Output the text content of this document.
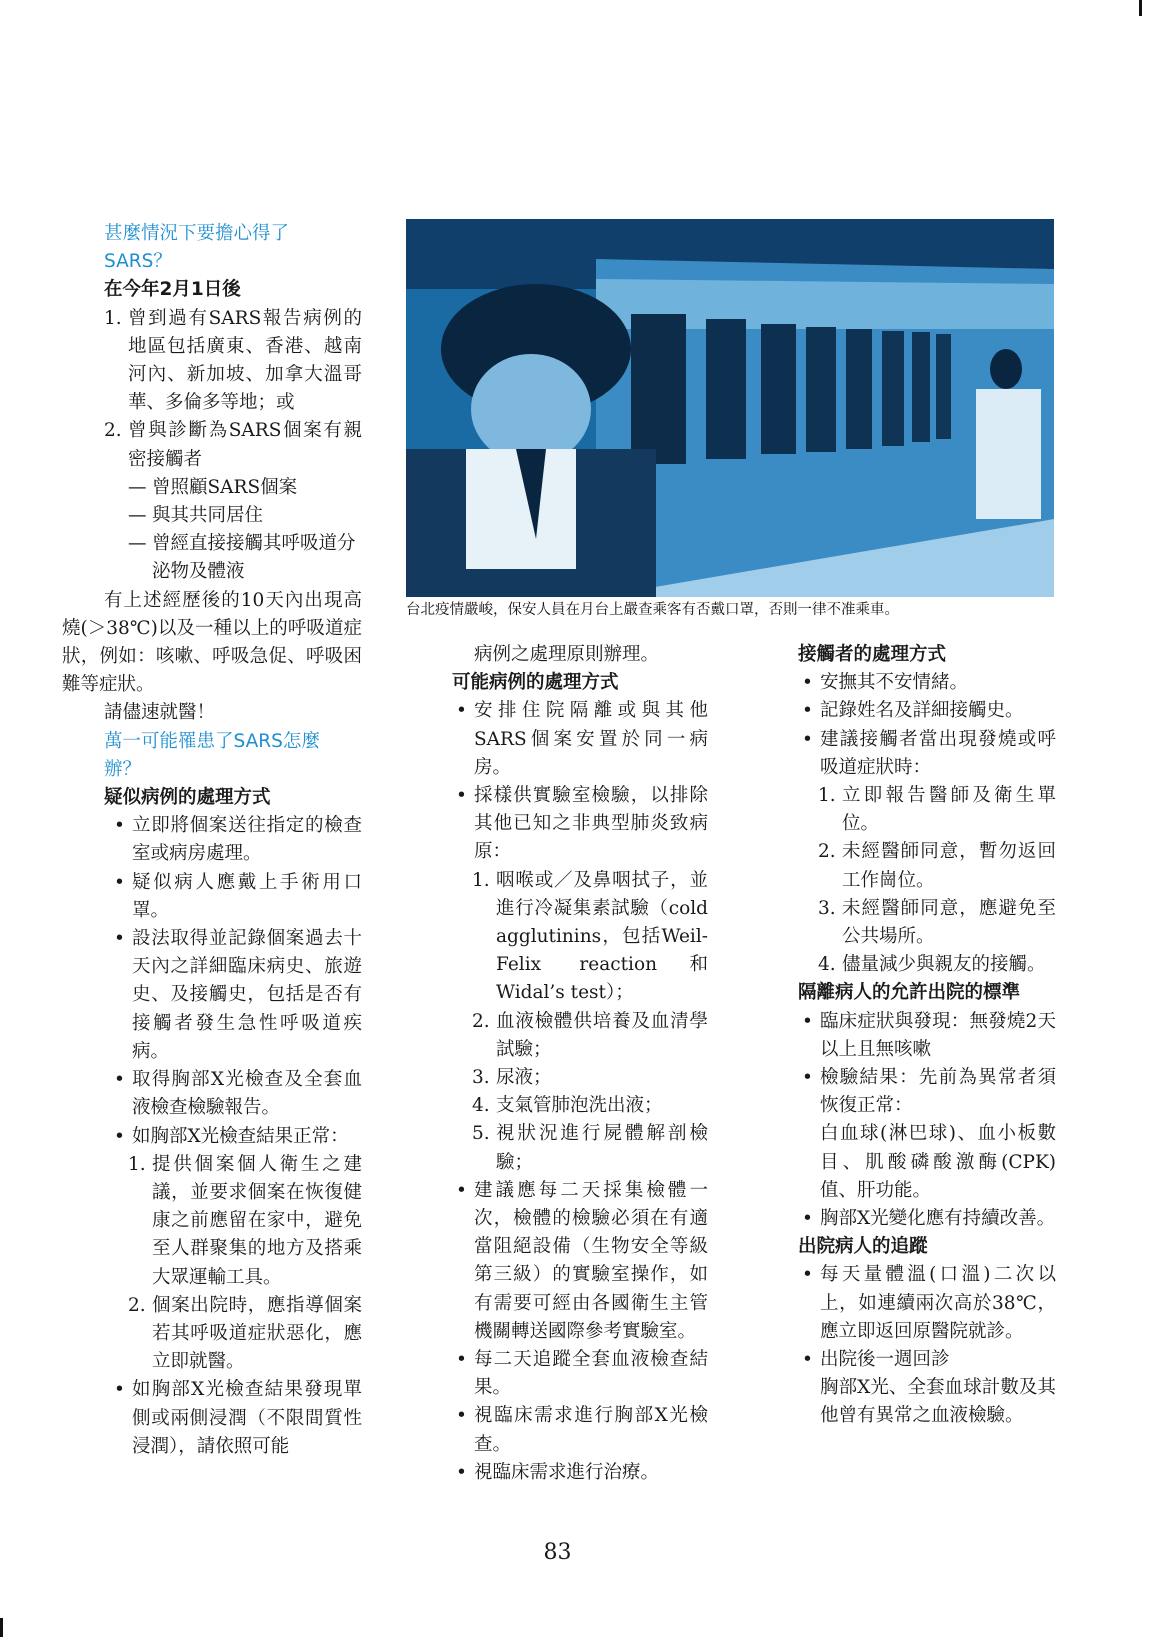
台北疫情嚴峻，保安人員在月台上嚴查乘客有否戴口罩，否則一律不准乘車。
甚麼情況下要擔心得了
SARS？
在今年2月1日後
1. 曾到過有SARS報告病例的地區包括廣東、香港、越南河內、新加坡、加拿大溫哥華、多倫多等地；或
2. 曾與診斷為SARS個案有親密接觸者
— 曾照顧SARS個案
— 與其共同居住
— 曾經直接接觸其呼吸道分泌物及體液
有上述經歷後的10天內出現高燒(＞38℃)以及一種以上的呼吸道症狀，例如：咳嗽、呼吸急促、呼吸困難等症狀。
請儘速就醫！
萬一可能罹患了SARS怎麼辦？
疑似病例的處理方式
• 立即將個案送往指定的檢查室或病房處理。
• 疑似病人應戴上手術用口罩。
• 設法取得並記錄個案過去十天內之詳細臨床病史、旅遊史、及接觸史，包括是否有接觸者發生急性呼吸道疾病。
• 取得胸部X光檢查及全套血液檢查檢驗報告。
• 如胸部X光檢查結果正常：
1. 提供個案個人衛生之建議，並要求個案在恢復健康之前應留在家中，避免至人群聚集的地方及搭乘大眾運輸工具。
2. 個案出院時，應指導個案若其呼吸道症狀惡化，應立即就醫。
• 如胸部X光檢查結果發現單側或兩側浸潤（不限間質性浸潤），請依照可能
病例之處理原則辦理。
可能病例的處理方式
• 安排住院隔離或與其他SARS個案安置於同一病房。
• 採樣供實驗室檢驗，以排除其他已知之非典型肺炎致病原：
1. 咽喉或／及鼻咽拭子，並進行冷凝集素試驗（cold agglutinins，包括Weil-Felix reaction和Widal’s test）；
2. 血液檢體供培養及血清學試驗；
3. 尿液；
4. 支氣管肺泡洗出液；
5. 視狀況進行屍體解剖檢驗；
• 建議應每二天採集檢體一次，檢體的檢驗必須在有適當阻絕設備（生物安全等級第三級）的實驗室操作，如有需要可經由各國衛生主管機關轉送國際參考實驗室。
• 每二天追蹤全套血液檢查結果。
• 視臨床需求進行胸部X光檢查。
• 視臨床需求進行治療。
接觸者的處理方式
• 安撫其不安情緒。
• 記錄姓名及詳細接觸史。
• 建議接觸者當出現發燒或呼吸道症狀時：
1. 立即報告醫師及衛生單位。
2. 未經醫師同意，暫勿返回工作崗位。
3. 未經醫師同意，應避免至公共場所。
4. 儘量減少與親友的接觸。
隔離病人的允許出院的標準
• 臨床症狀與發現：無發燒2天以上且無咳嗽
• 檢驗結果：先前為異常者須恢復正常：
白血球(淋巴球)、血小板數目、肌酸磷酸激酶(CPK)值、肝功能。
• 胸部X光變化應有持續改善。
出院病人的追蹤
• 每天量體溫(口溫)二次以上，如連續兩次高於38℃，應立即返回原醫院就診。
• 出院後一週回診
胸部X光、全套血球計數及其他曾有異常之血液檢驗。
83
